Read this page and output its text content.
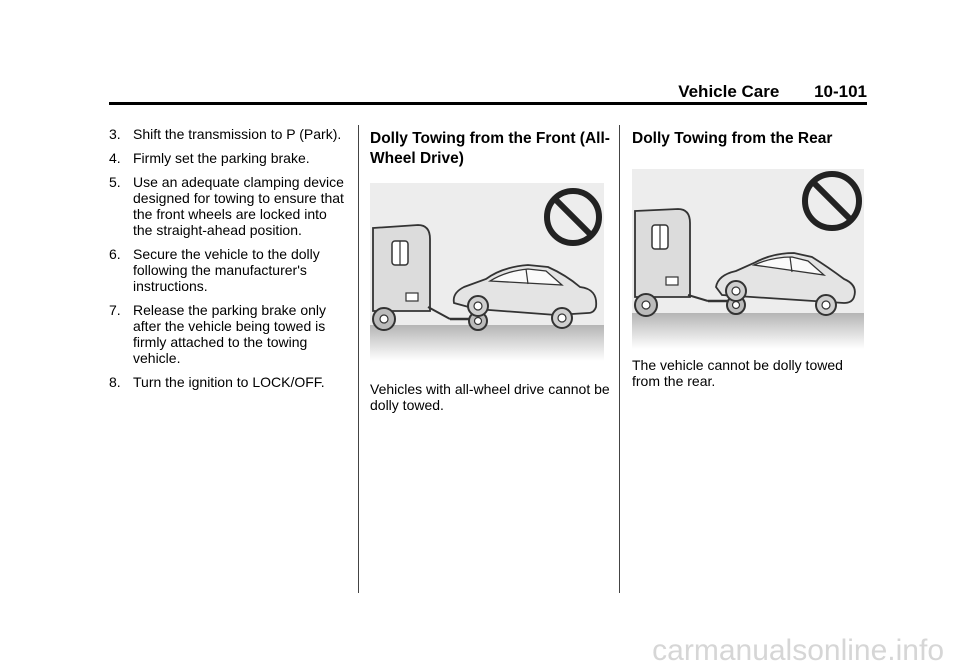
Vehicle Care 10-101
3. Shift the transmission to P (Park).
4. Firmly set the parking brake.
5. Use an adequate clamping device designed for towing to ensure that the front wheels are locked into the straight-ahead position.
6. Secure the vehicle to the dolly following the manufacturer's instructions.
7. Release the parking brake only after the vehicle being towed is firmly attached to the towing vehicle.
8. Turn the ignition to LOCK/OFF.
Dolly Towing from the Front (All-Wheel Drive)

Vehicles with all-wheel drive cannot be dolly towed.

Dolly Towing from the Rear

The vehicle cannot be dolly towed from the rear.

carmanualsonline.info
